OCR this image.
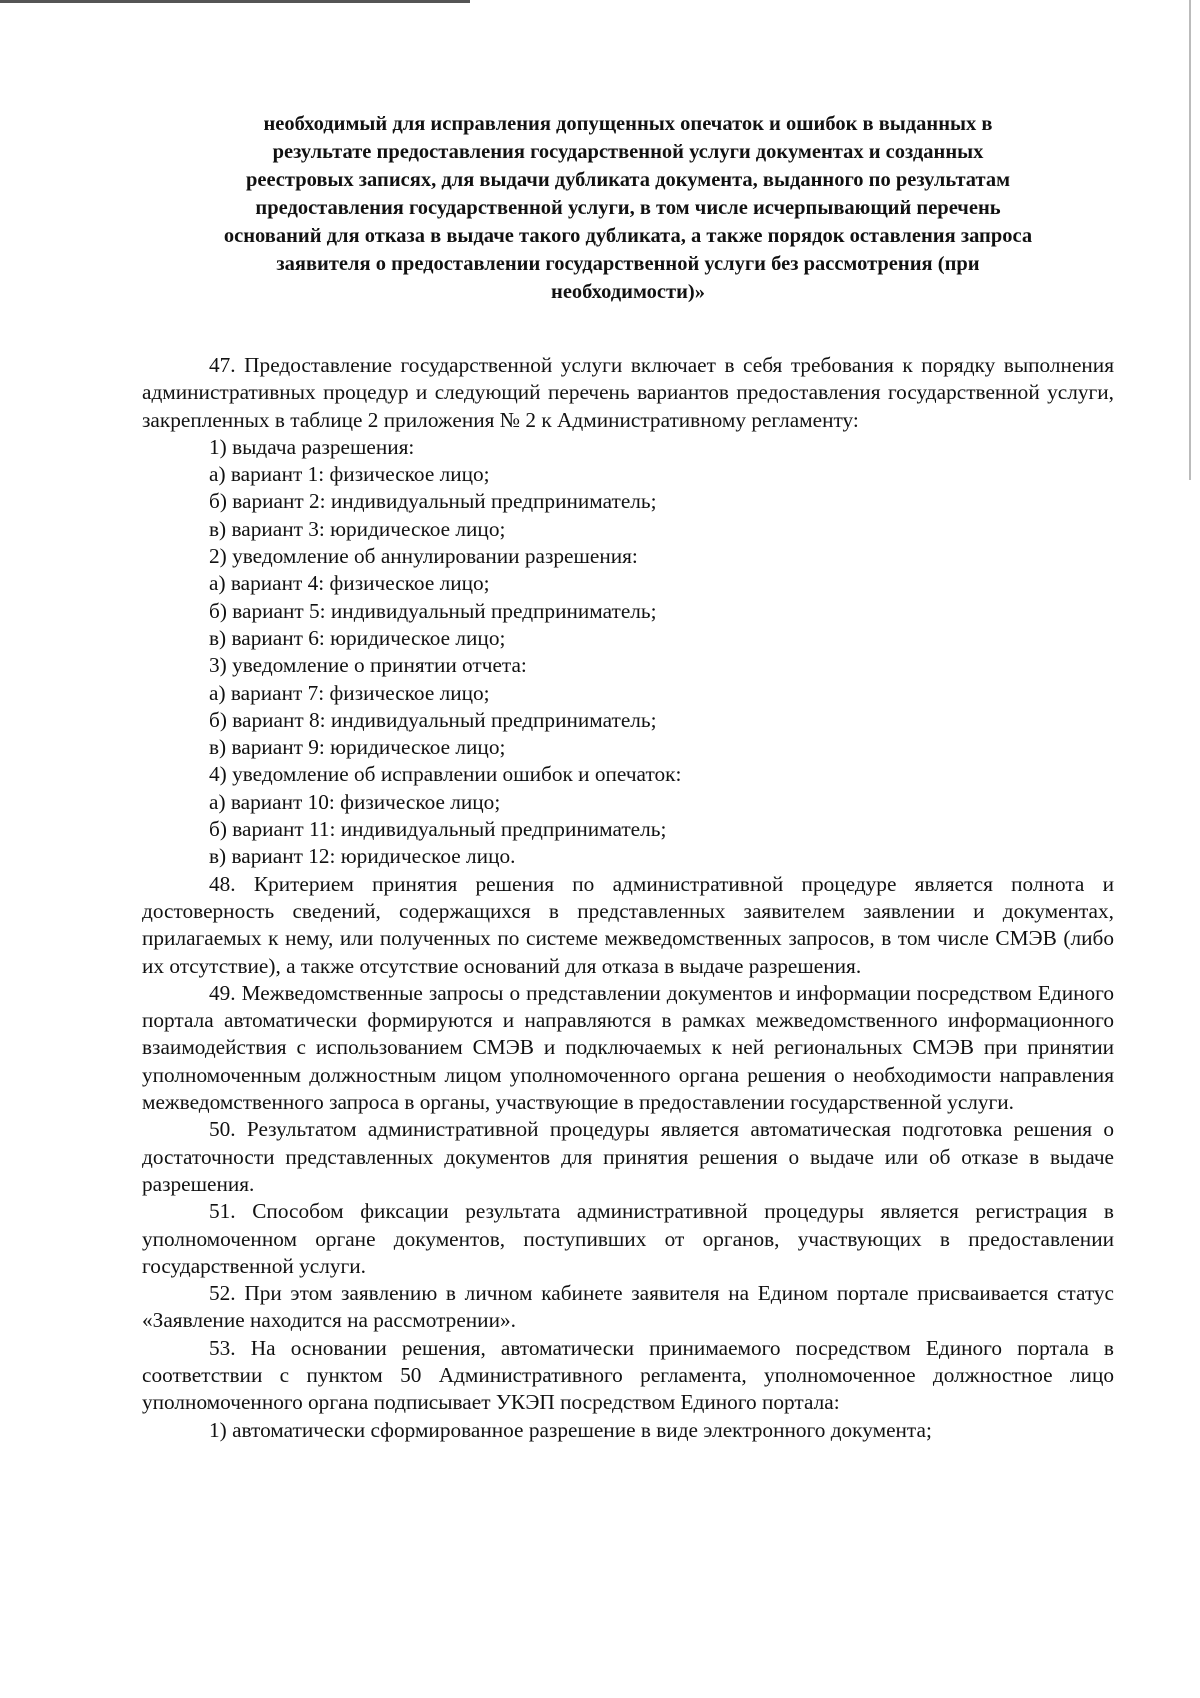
необходимый для исправления допущенных опечаток и ошибок в выданных в
результате предоставления государственной услуги документах и созданных
реестровых записях, для выдачи дубликата документа, выданного по результатам
предоставления государственной услуги, в том числе исчерпывающий перечень
оснований для отказа в выдаче такого дубликата, а также порядок оставления запроса
заявителя о предоставлении государственной услуги без рассмотрения (при
необходимости)»

47. Предоставление государственной услуги включает в себя требования к порядку выполнения административных процедур и следующий перечень вариантов предоставления государственной услуги, закрепленных в таблице 2 приложения № 2 к Административному регламенту:

1) выдача разрешения:

а) вариант 1: физическое лицо;

б) вариант 2: индивидуальный предприниматель;

в) вариант 3: юридическое лицо;

2) уведомление об аннулировании разрешения:

а) вариант 4: физическое лицо;

б) вариант 5: индивидуальный предприниматель;

в) вариант 6: юридическое лицо;

3) уведомление о принятии отчета:

а) вариант 7: физическое лицо;

б) вариант 8: индивидуальный предприниматель;

в) вариант 9: юридическое лицо;

4) уведомление об исправлении ошибок и опечаток:

а) вариант 10: физическое лицо;

б) вариант 11: индивидуальный предприниматель;

в) вариант 12: юридическое лицо.

48. Критерием принятия решения по административной процедуре является полнота и достоверность сведений, содержащихся в представленных заявителем заявлении и документах, прилагаемых к нему, или полученных по системе межведомственных запросов, в том числе СМЭВ (либо их отсутствие), а также отсутствие оснований для отказа в выдаче разрешения.

49. Межведомственные запросы о представлении документов и информации посредством Единого портала автоматически формируются и направляются в рамках межведомственного информационного взаимодействия с использованием СМЭВ и подключаемых к ней региональных СМЭВ при принятии уполномоченным должностным лицом уполномоченного органа решения о необходимости направления межведомственного запроса в органы, участвующие в предоставлении государственной услуги.

50. Результатом административной процедуры является автоматическая подготовка решения о достаточности представленных документов для принятия решения о выдаче или об отказе в выдаче разрешения.

51. Способом фиксации результата административной процедуры является регистрация в уполномоченном органе документов, поступивших от органов, участвующих в предоставлении государственной услуги.

52. При этом заявлению в личном кабинете заявителя на Едином портале присваивается статус «Заявление находится на рассмотрении».

53. На основании решения, автоматически принимаемого посредством Единого портала в соответствии с пунктом 50 Административного регламента, уполномоченное должностное лицо уполномоченного органа подписывает УКЭП посредством Единого портала:

1) автоматически сформированное разрешение в виде электронного документа;
